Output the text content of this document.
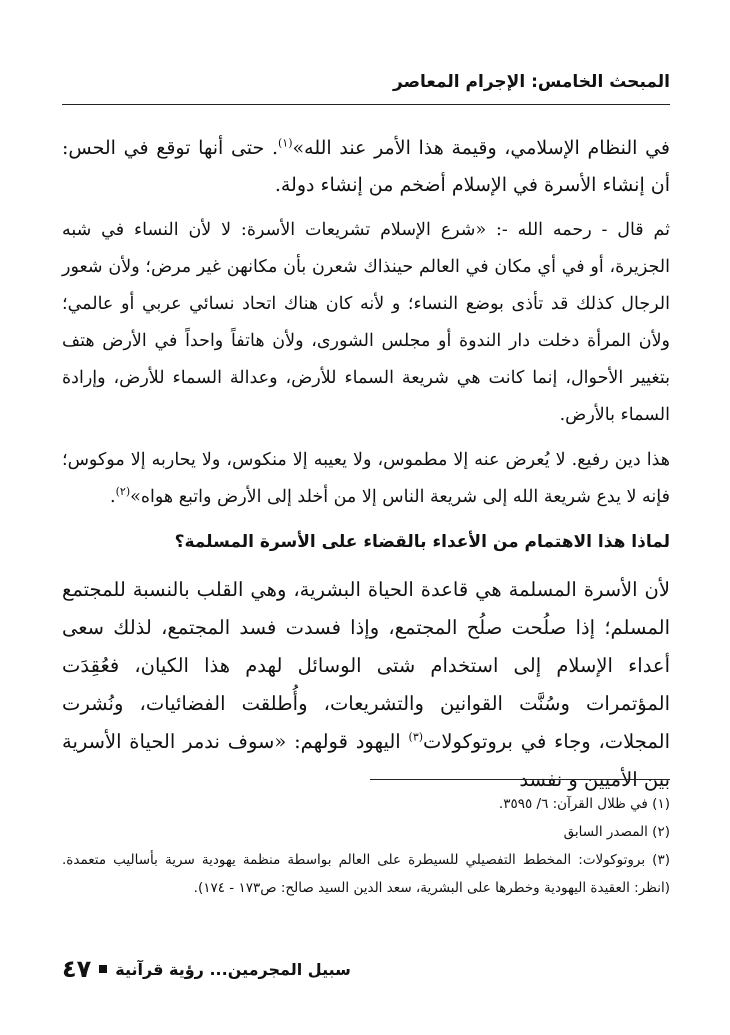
المبحث الخامس: الإجرام المعاصر

في النظام الإسلامي، وقيمة هذا الأمر عند الله»$^{(١)}$. حتى أنها توقع في الحس: أن إنشاء الأسرة في الإسلام أضخم من إنشاء دولة.

ثم قال - رحمه الله -: «شرع الإسلام تشريعات الأسرة: لا لأن النساء في شبه الجزيرة، أو في أي مكان في العالم حينذاك شعرن بأن مكانهن غير مرض؛ ولأن شعور الرجال كذلك قد تأذى بوضع النساء؛ و لأنه كان هناك اتحاد نسائي عربي أو عالمي؛ ولأن المرأة دخلت دار الندوة أو مجلس الشورى، ولأن هاتفاً واحداً في الأرض هتف بتغيير الأحوال، إنما كانت هي شريعة السماء للأرض، وعدالة السماء للأرض، وإرادة السماء بالأرض.

هذا دين رفيع. لا يُعرض عنه إلا مطموس، ولا يعيبه إلا منكوس، ولا يحاربه إلا موكوس؛ فإنه لا يدع شريعة الله إلى شريعة الناس إلا من أخلد إلى الأرض واتبع هواه»$^{(٢)}$.

لماذا هذا الاهتمام من الأعداء بالقضاء على الأسرة المسلمة؟

لأن الأسرة المسلمة هي قاعدة الحياة البشرية، وهي القلب بالنسبة للمجتمع المسلم؛ إذا صلُحت صلُح المجتمع، وإذا فسدت فسد المجتمع، لذلك سعى أعداء الإسلام إلى استخدام شتى الوسائل لهدم هذا الكيان، فعُقِدَت المؤتمرات وسُنَّت القوانين والتشريعات، وأُطلقت الفضائيات، ونُشرت المجلات، وجاء في بروتوكولات$^{(٣)}$ اليهود قولهم: «سوف ندمر الحياة الأسرية بين الأميين و نفسد

(١) في ظلال القرآن: ٦/ ٣٥٩٥.

(٢) المصدر السابق

(٣) بروتوكولات: المخطط التفصيلي للسيطرة على العالم بواسطة منظمة يهودية سرية بأساليب متعمدة. (انظر: العقيدة اليهودية وخطرها على البشرية، سعد الدين السيد صالح: ص١٧٣ - ١٧٤).

سبيل المجرمين... رؤية قرآنية
٤٧
